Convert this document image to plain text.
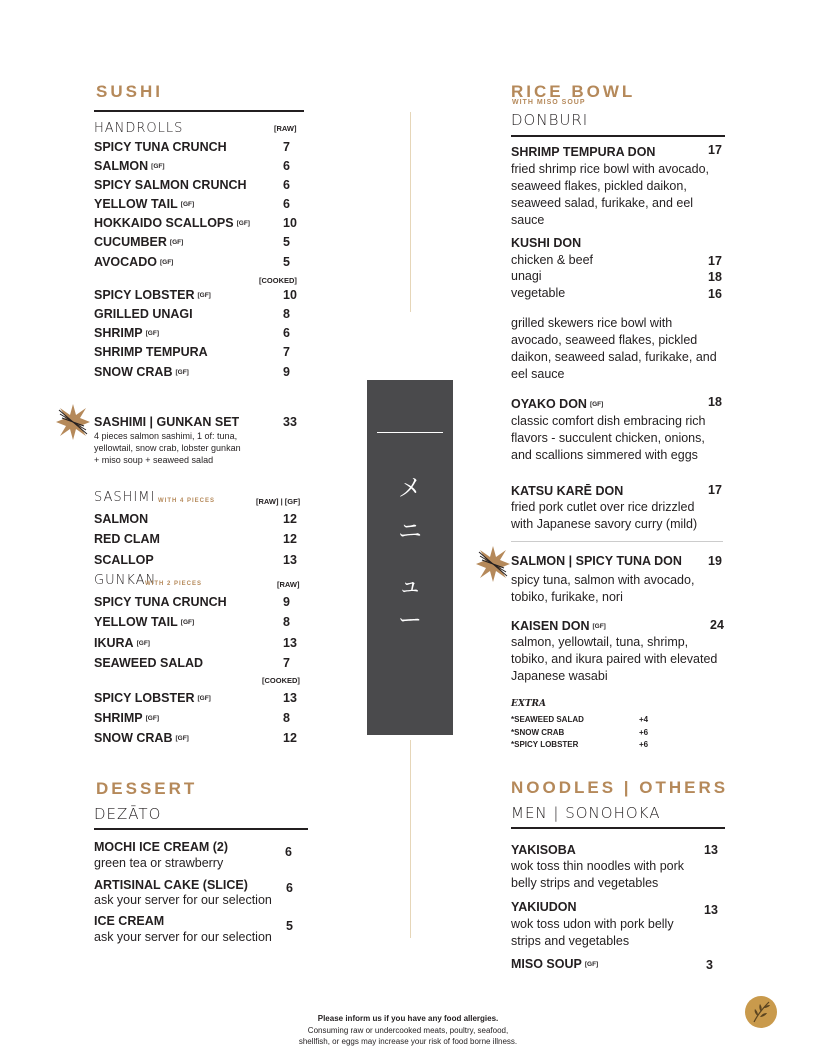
SUSHI
HANDROLLS	[RAW]
SPICY TUNA CRUNCH	7
SALMON [GF]	6
SPICY SALMON CRUNCH	6
YELLOW TAIL [GF]	6
HOKKAIDO SCALLOPS [GF]	10
CUCUMBER [GF]	5
AVOCADO [GF]	5
[COOKED]
SPICY LOBSTER [GF]	10
GRILLED UNAGI	8
SHRIMP [GF]	6
SHRIMP TEMPURA	7
SNOW CRAB [GF]	9
SASHIMI | GUNKAN SET	33
4 pieces salmon sashimi, 1 of: tuna,
yellowtail, snow crab, lobster gunkan
+ miso soup + seaweed salad
SASHIMI WITH 4 PIECES	[RAW] | [GF]
SALMON	12
RED CLAM	12
SCALLOP	13
GUNKAN
WITH 2 PIECES	[RAW]
SPICY TUNA CRUNCH	9
YELLOW TAIL [GF]	8
IKURA [GF]	13
SEAWEED SALAD	7
[COOKED]
SPICY LOBSTER [GF]	13
SHRIMP [GF]	8
SNOW CRAB [GF]	12
DESSERT
DEZĀTO
MOCHI ICE CREAM (2)	6
green tea or strawberry
ARTISINAL CAKE (SLICE)	6
ask your server for our selection
ICE CREAM	5
ask your server for our selection
メ
ニ
ュ
ー
RICE BOWL
WITH MISO SOUP
DONBURI
SHRIMP TEMPURA DON	17
fried shrimp rice bowl with avocado,
seaweed flakes, pickled daikon,
seaweed salad, furikake, and eel
sauce
KUSHI DON
chicken & beef	17
unagi	18
vegetable	16
grilled skewers rice bowl with
avocado, seaweed flakes, pickled
daikon, seaweed salad, furikake, and
eel sauce
OYAKO DON [GF]	18
classic comfort dish embracing rich
flavors - succulent chicken, onions,
and scallions simmered with eggs
KATSU KARĒ DON	17
fried pork cutlet over rice drizzled
with Japanese savory curry (mild)
SALMON | SPICY TUNA DON 19
spicy tuna, salmon with avocado,
tobiko, furikake, nori
KAISEN DON [GF]	24
salmon, yellowtail, tuna, shrimp,
tobiko, and ikura paired with elevated
Japanese wasabi
EXTRA
*SEAWEED SALAD	+4
*SNOW CRAB	+6
*SPICY LOBSTER	+6
NOODLES | OTHERS
MEN | SONOHOKA
YAKISOBA	13
wok toss thin noodles with pork
belly strips and vegetables
YAKIUDON	13
wok toss udon with pork belly
strips and vegetables
MISO SOUP [GF]	3
Please inform us if you have any food allergies.
Consuming raw or undercooked meats, poultry, seafood,
shellfish, or eggs may increase your risk of food borne illness.
